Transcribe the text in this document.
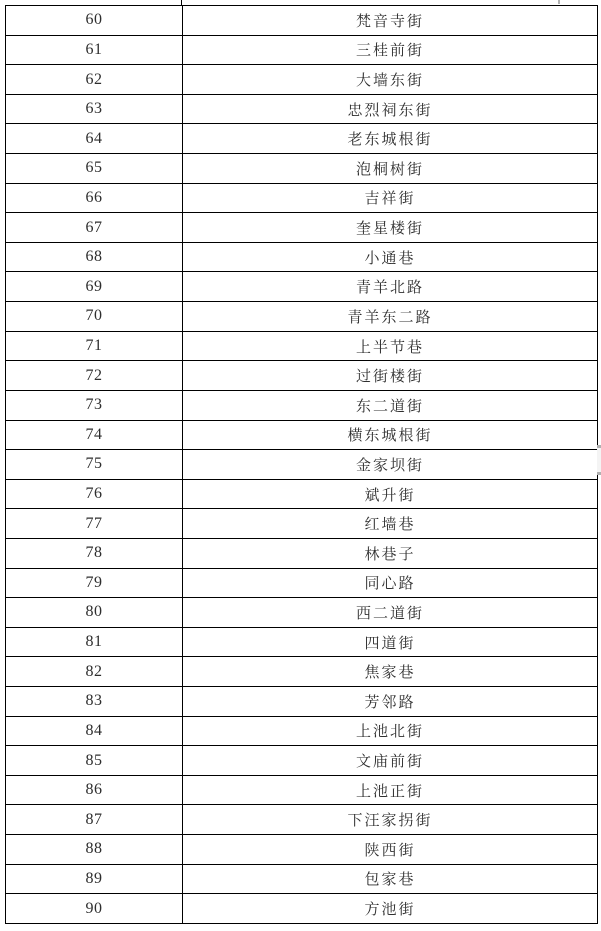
60	梵音寺街
61	三桂前街
62	大墙东街
63	忠烈祠东街
64	老东城根街
65	泡桐树街
66	吉祥街
67	奎星楼街
68	小通巷
69	青羊北路
70	青羊东二路
71	上半节巷
72	过街楼街
73	东二道街
74	横东城根街
75	金家坝街
76	斌升街
77	红墙巷
78	林巷子
79	同心路
80	西二道街
81	四道街
82	焦家巷
83	芳邻路
84	上池北街
85	文庙前街
86	上池正街
87	下汪家拐街
88	陕西街
89	包家巷
90	方池街
